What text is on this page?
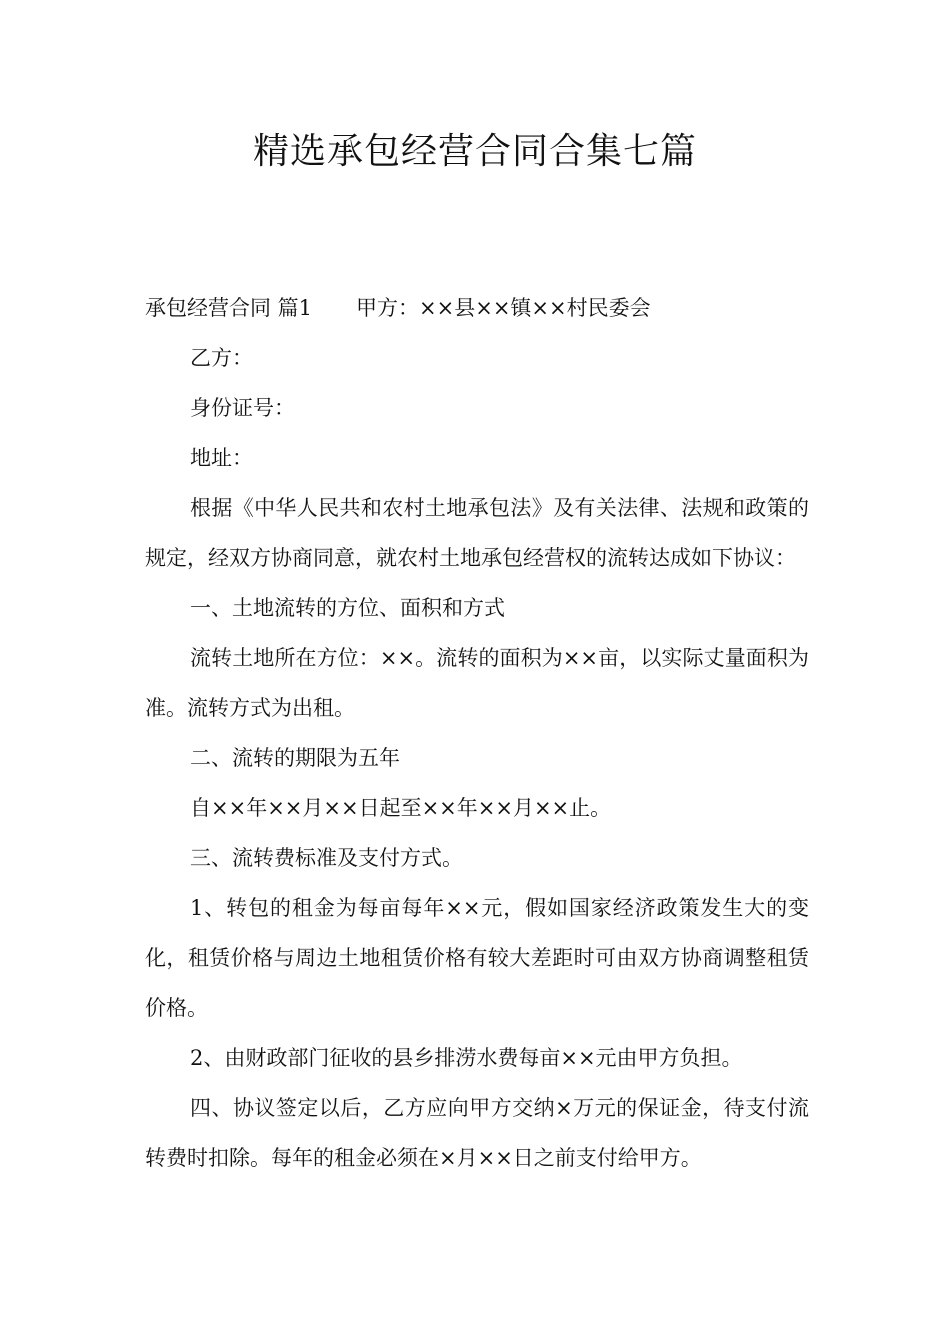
精选承包经营合同合集七篇

承包经营合同 篇1 甲方：××县××镇××村民委会

乙方：

身份证号：

地址：

根据《中华人民共和农村土地承包法》及有关法律、法规和政策的规定，经双方协商同意，就农村土地承包经营权的流转达成如下协议：

一、土地流转的方位、面积和方式

流转土地所在方位：××。流转的面积为××亩，以实际丈量面积为准。流转方式为出租。

二、流转的期限为五年

自××年××月××日起至××年××月××止。

三、流转费标准及支付方式。

1、转包的租金为每亩每年××元，假如国家经济政策发生大的变化，租赁价格与周边土地租赁价格有较大差距时可由双方协商调整租赁价格。

2、由财政部门征收的县乡排涝水费每亩××元由甲方负担。

四、协议签定以后，乙方应向甲方交纳×万元的保证金，待支付流转费时扣除。每年的租金必须在×月××日之前支付给甲方。
